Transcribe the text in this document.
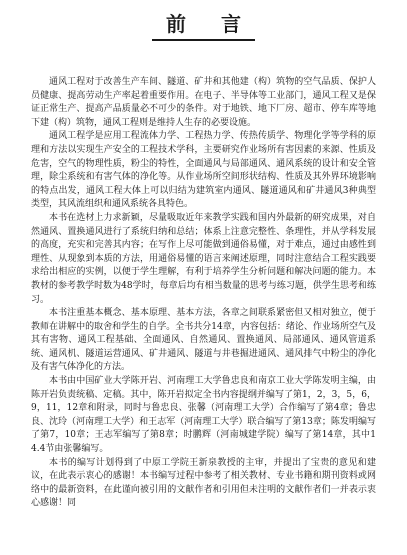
前 言

通风工程对于改善生产车间、隧道、矿井和其他建（构）筑物的空气品质、保护人员健康、提高劳动生产率起着重要作用。在电子、半导体等工业部门，通风工程又是保证正常生产、提高产品质量必不可少的条件。对于地铁、地下厂房、超市、停车库等地下建（构）筑物，通风工程则是维持人生存的必要设施。

通风工程学是应用工程流体力学、工程热力学、传热传质学、物理化学等学科的原理和方法以实现生产安全的工程技术学科，主要研究作业场所有害因素的来源、性质及危害，空气的物理性质，粉尘的特性，全面通风与局部通风、通风系统的设计和安全管理，除尘系统和有害气体的净化等。从作业场所空间形状结构、性质及其外界环境影响的特点出发，通风工程大体上可以归结为建筑室内通风、隧道通风和矿井通风3种典型类型，其风流组织和通风系统各具特色。

本书在选材上力求新颖，尽量吸取近年来教学实践和国内外最新的研究成果，对自然通风、置换通风进行了系统归纳和总结；体系上注意完整性、条理性，并从学科发展的高度，充实和完善其内容；在写作上尽可能做到通俗易懂，对于难点，通过由感性到理性、从现象到本质的方法，用通俗易懂的语言来阐述原理，同时注意结合工程实践要求给出相应的实例，以便于学生理解，有利于培养学生分析问题和解决问题的能力。本教材的参考教学时数为48学时，每章后均有相当数量的思考与练习题，供学生思考和练习。

本书注重基本概念、基本原理、基本方法，各章之间联系紧密但又相对独立，便于教师在讲解中的取舍和学生的自学。全书共分14章，内容包括：绪论、作业场所空气及其有害物、通风工程基础、全面通风、自然通风、置换通风、局部通风、通风管道系统、通风机、隧道运营通风、矿井通风、隧道与井巷掘进通风、通风排气中粉尘的净化及有害气体净化的方法。

本书由中国矿业大学陈开岩、河南理工大学鲁忠良和南京工业大学陈发明主编，由陈开岩负责统稿、定稿。其中，陈开岩拟定全书内容提纲并编写了第1，2，3，5，6，9，11，12章和附录，同时与鲁忠良、张馨（河南理工大学）合作编写了第4章；鲁忠良、沈玲（河南理工大学）和王志军（河南理工大学）联合编写了第13章；陈发明编写了第7，10章；王志军编写了第8章；时鹏辉（河南城建学院）编写了第14章，其中14.4节由张馨编写。

本书的编写计划得到了中原工学院王新泉教授的主审，并提出了宝贵的意见和建议，在此表示衷心的感谢！本书编写过程中参考了相关教材、专业书籍和期刊资料或网络中的最新资料，在此谨向被引用的文献作者和引用但未注明的文献作者们一并表示衷心感谢！同
